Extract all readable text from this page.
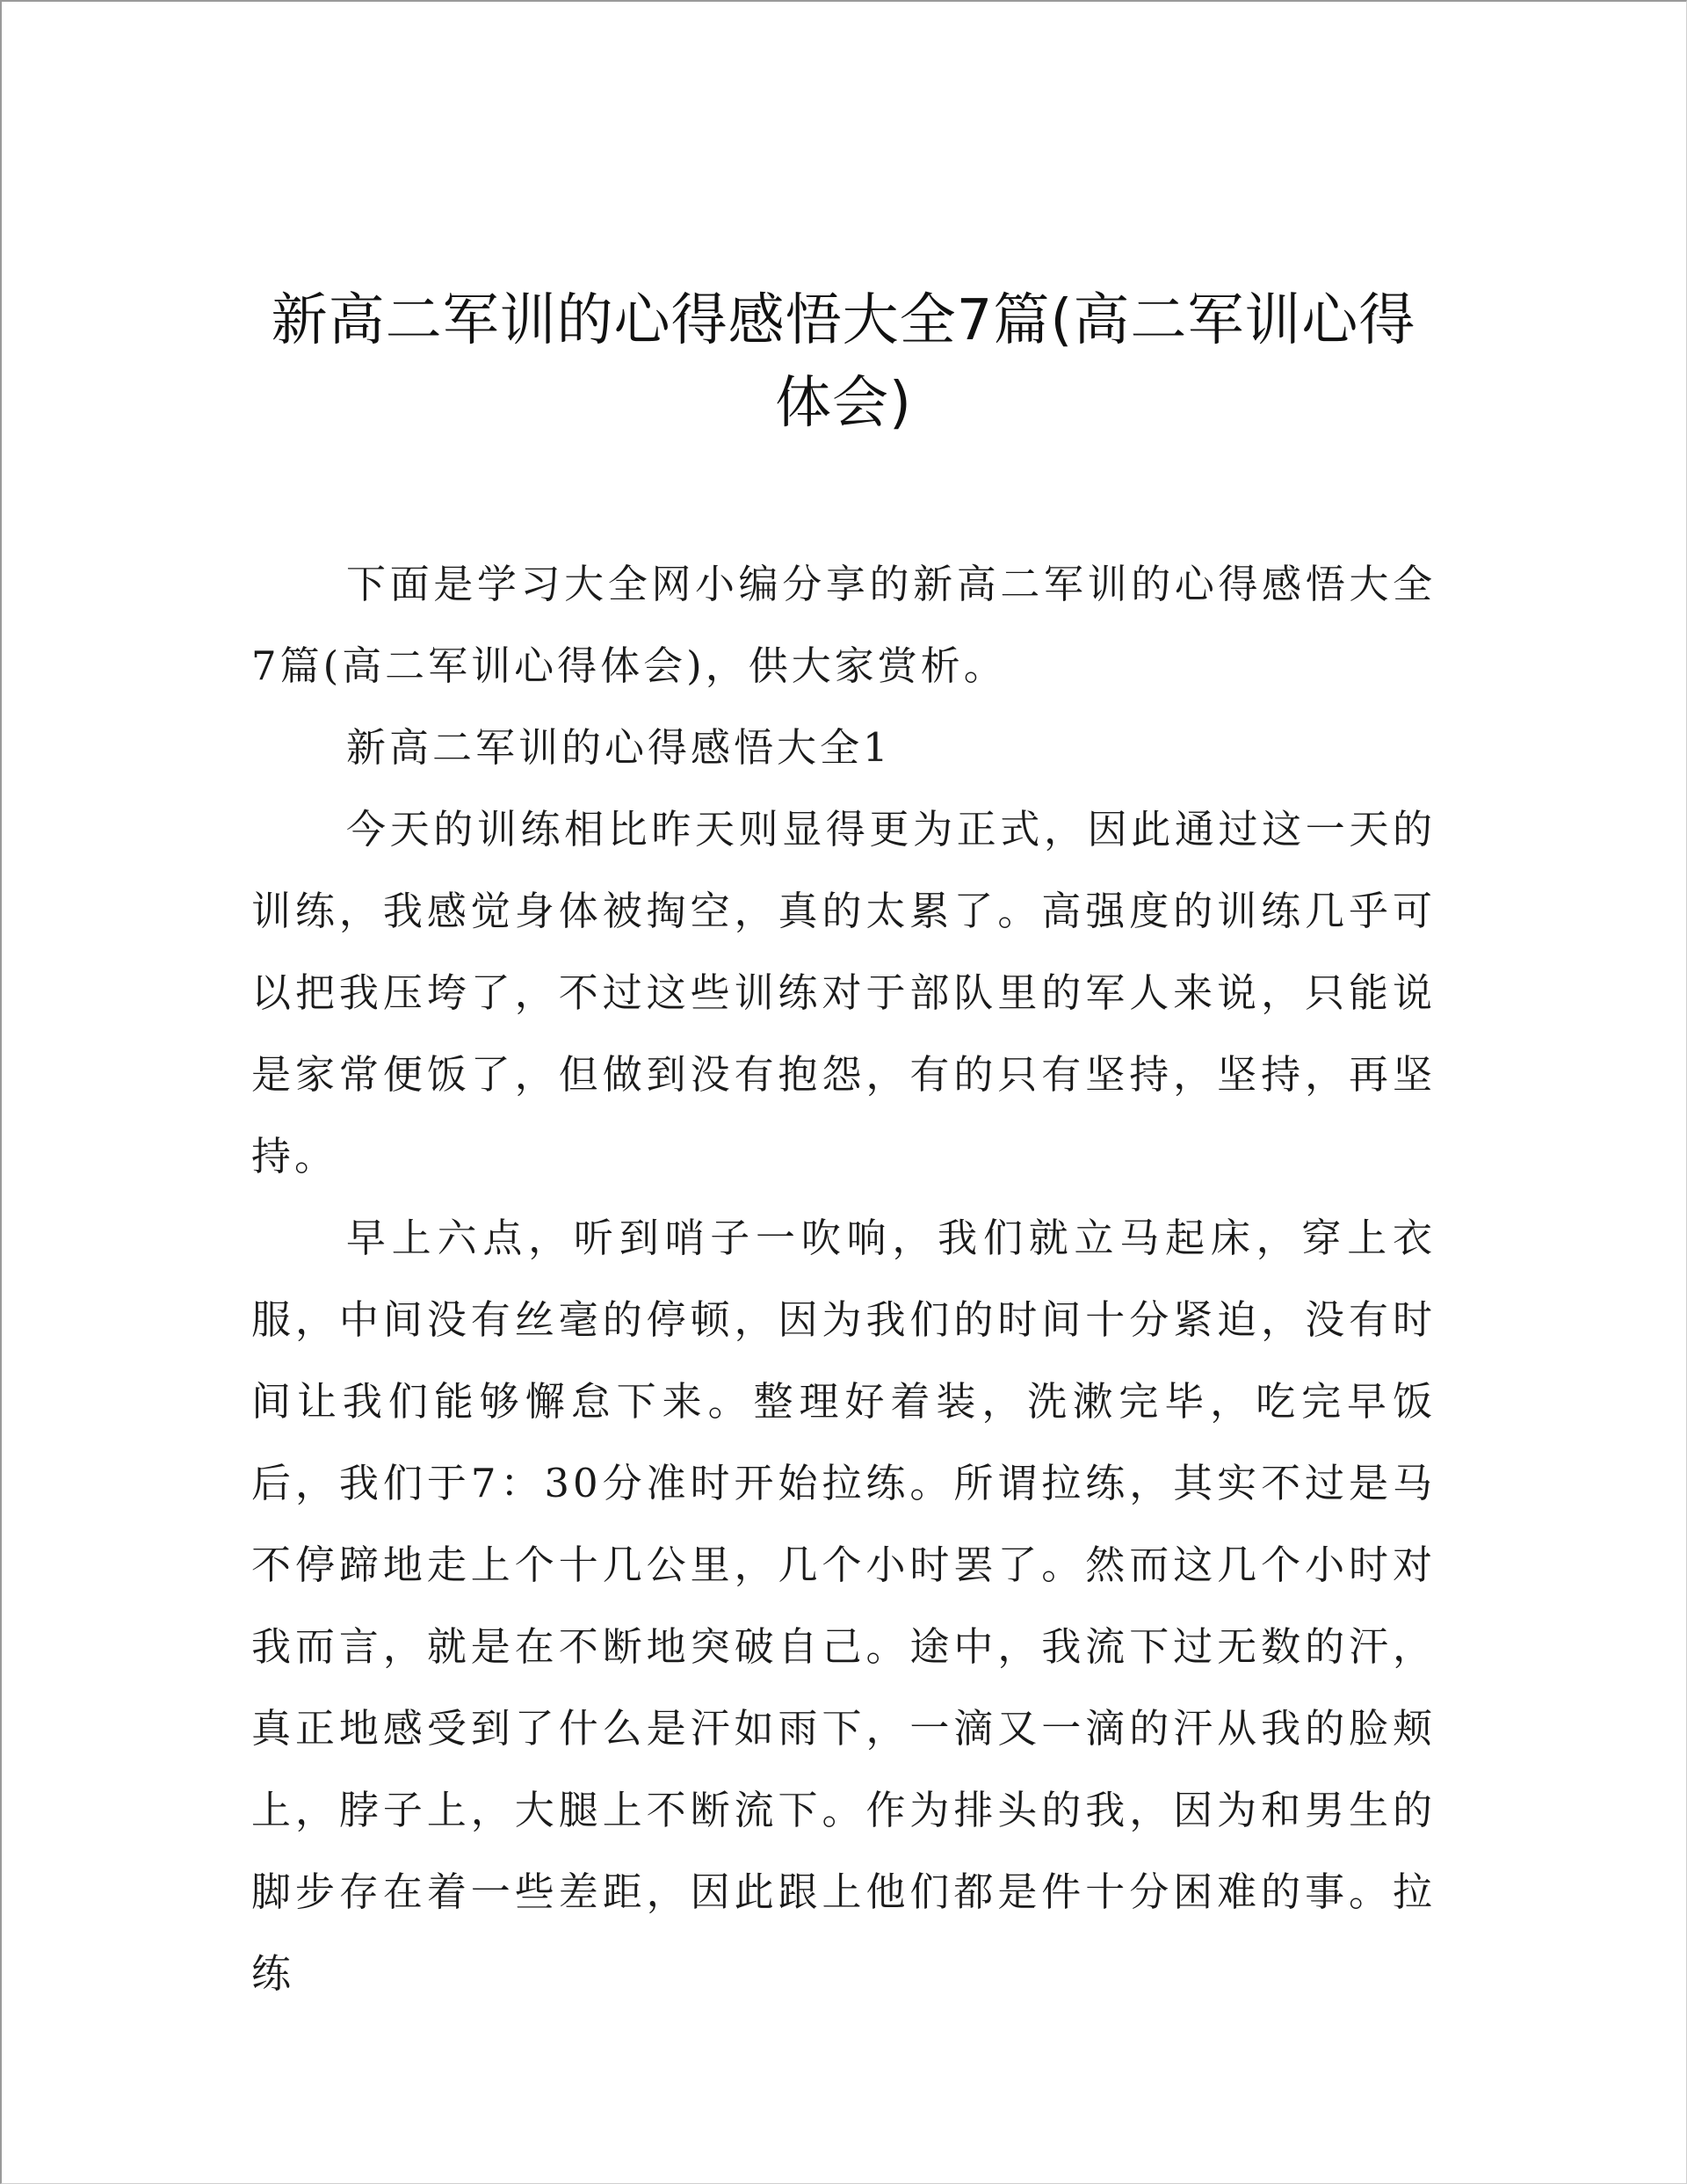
新高二军训的心得感悟大全7篇(高二军训心得体会)

下面是学习大全网小编分享的新高二军训的心得感悟大全7篇(高二军训心得体会)，供大家赏析。

新高二军训的心得感悟大全1

今天的训练相比昨天则显得更为正式，因此通过这一天的训练，我感觉身体被掏空，真的太累了。高强度的训练几乎可以把我压垮了，不过这些训练对于部队里的军人来说，只能说是家常便饭了，但做到没有抱怨，有的只有坚持，坚持，再坚持。

早上六点，听到哨子一吹响，我们就立马起床，穿上衣服，中间没有丝毫的停顿，因为我们的时间十分紧迫，没有时间让我们能够懈怠下来。整理好着装，洗漱完毕，吃完早饭后，我们于7：30分准时开始拉练。所谓拉练，其实不过是马不停蹄地走上个十几公里，几个小时罢了。然而这几个小时对我而言，就是在不断地突破自己。途中，我流下过无数的汗，真正地感受到了什么是汗如雨下，一滴又一滴的汗从我的脸颊上，脖子上，大腿上不断流下。作为排头的我，因为和男生的脚步存在着一些差距，因此跟上他们都是件十分困难的事。拉练
